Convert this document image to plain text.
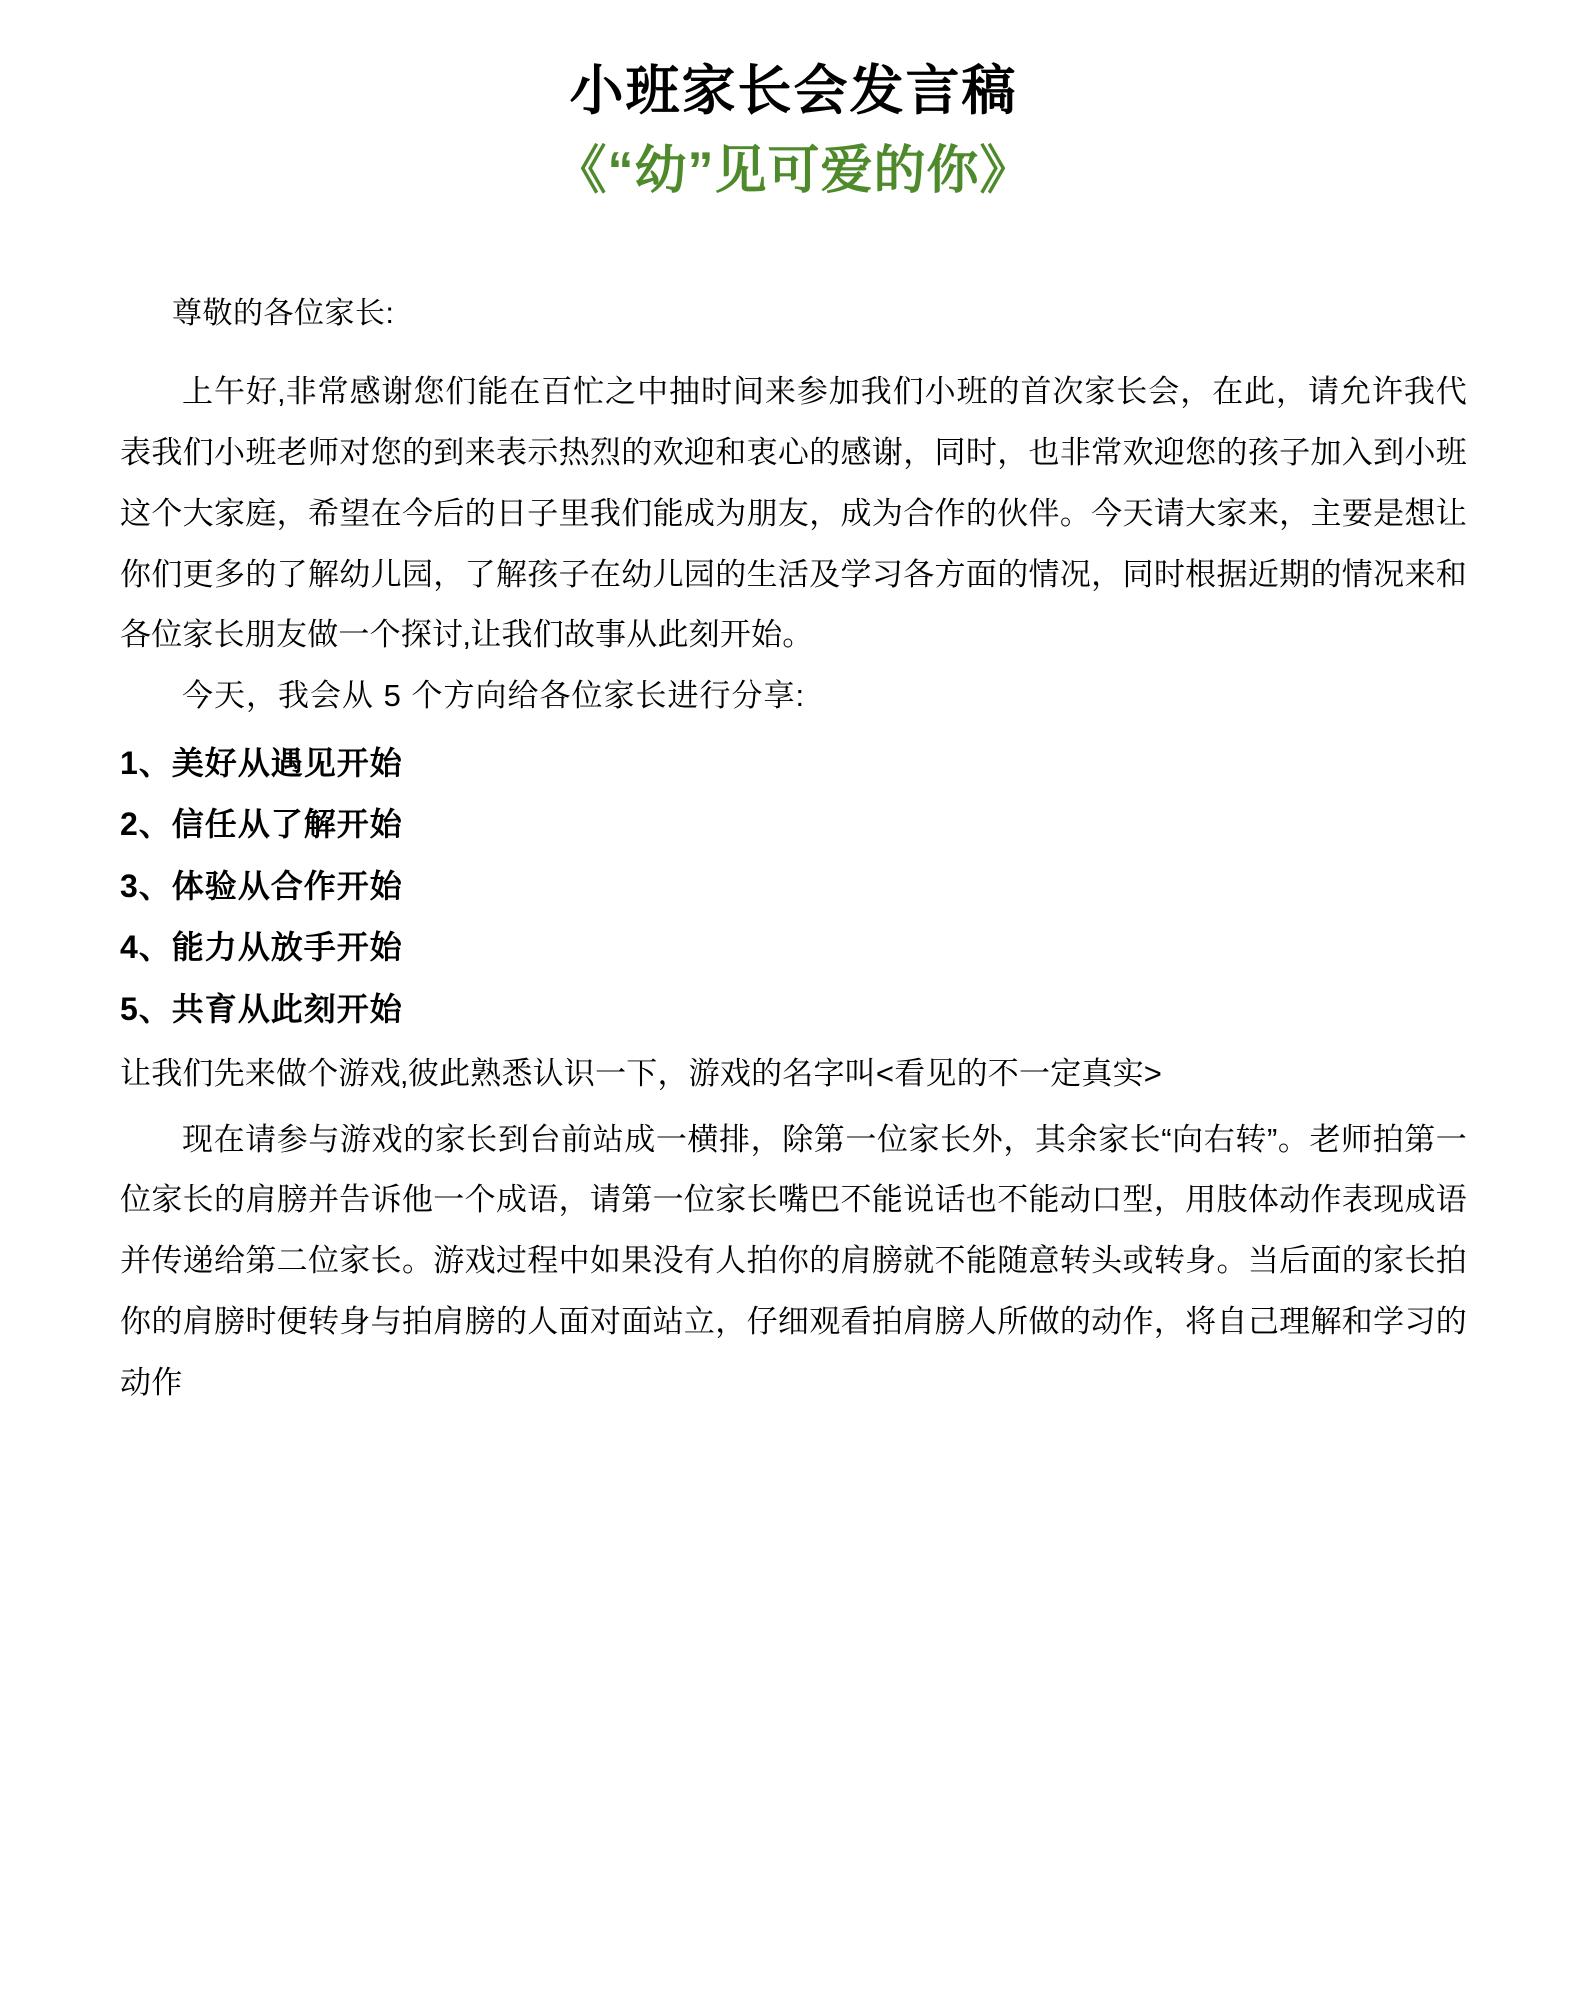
小班家长会发言稿
《“幼”见可爱的你》
尊敬的各位家长:

上午好‚非常感谢您们能在百忙之中抽时间来参加我们小班的首次家长会，在此，请允许我代表我们小班老师对您的到来表示热烈的欢迎和衷心的感谢，同时，也非常欢迎您的孩子加入到小班这个大家庭，希望在今后的日子里我们能成为朋友，成为合作的伙伴。今天请大家来，主要是想让你们更多的了解幼儿园，了解孩子在幼儿园的生活及学习各方面的情况，同时根据近期的情况来和各位家长朋友做一个探讨‚让我们故事从此刻开始。

今天，我会从 5 个方向给各位家长进行分享:

1、美好从遇见开始
2、信任从了解开始
3、体验从合作开始
4、能力从放手开始
5、共育从此刻开始

让我们先来做个游戏‚彼此熟悉认识一下，游戏的名字叫<看见的不一定真实>

现在请参与游戏的家长到台前站成一横排，除第一位家长外，其余家长“向右转”。老师拍第一位家长的肩膀并告诉他一个成语，请第一位家长嘴巴不能说话也不能动口型，用肢体动作表现成语并传递给第二位家长。游戏过程中如果没有人拍你的肩膀就不能随意转头或转身。当后面的家长拍你的肩膀时便转身与拍肩膀的人面对面站立，仔细观看拍肩膀人所做的动作，将自己理解和学习的动作
